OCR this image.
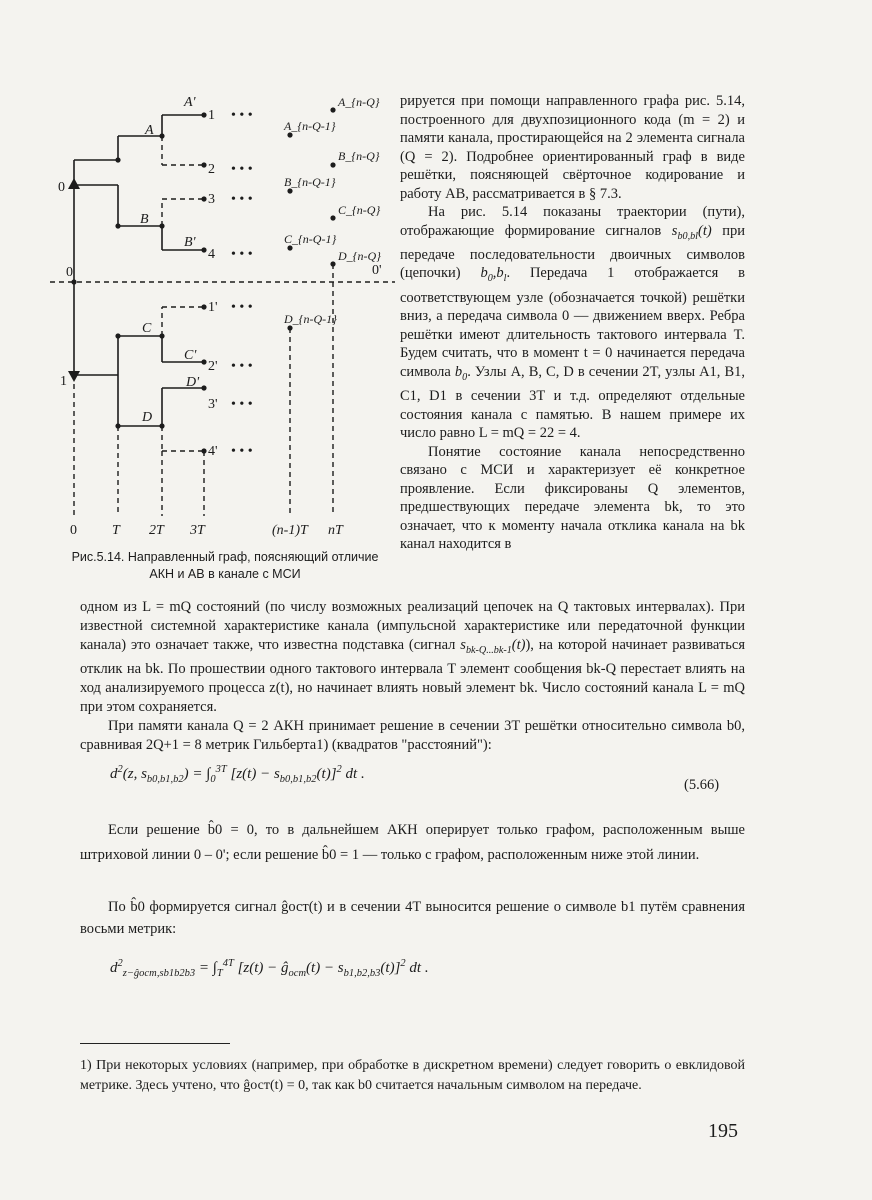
A'
A
B
B'
C
C'
D'
D
0
1
0	0'
1
2
3
4
1'
2'
3'
4'
• • •
• • •
• • •
• • •
• • •
• • •
• • •
• • •
0	T 2T 3T	(n-1)T nT
A_{n-Q}
A_{n-Q-1}
B_{n-Q}
B_{n-Q-1}
C_{n-Q}
C_{n-Q-1}
D_{n-Q}
D_{n-Q-1}
Рис.5.14. Направленный граф, поясняющий отличие АКН и АВ в канале с МСИ

рируется при помощи направленного графа рис. 5.14, построенного для двухпозиционного кода (m = 2) и памяти канала, простирающейся на 2 элемента сигнала (Q = 2). Подробнее ориентированный граф в виде решётки, поясняющей свёрточное кодирование и работу АВ, рассматривается в § 7.3.

На рис. 5.14 показаны траектории (пути), отображающие формирование сигналов $s_{b0,bl}(t)$ при передаче последовательности двоичных символов (цепочки) $b_0,b_l$. Передача 1 отображается в соответствующем узле (обозначается точкой) решётки вниз, а передача символа 0 — движением вверх. Ребра решётки имеют длительность тактового интервала T. Будем считать, что в момент t = 0 начинается передача символа $b_0$. Узлы A, B, C, D в сечении 2T, узлы A1, B1, C1, D1 в сечении 3T и т.д. определяют отдельные состояния канала с памятью. В нашем примере их число равно L = mQ = 22 = 4.

Понятие состояние канала непосредственно связано с МСИ и характеризует её конкретное проявление. Если фиксированы Q элементов, предшествующих передаче элемента bk, то это означает, что к моменту начала отклика канала на bk канал находится в

одном из L = mQ состояний (по числу возможных реализаций цепочек на Q тактовых интервалах). При известной системной характеристике канала (импульсной характеристике или передаточной функции канала) это означает также, что известна подставка (сигнал $s_{bk-Q...bk-1}(t)$), на которой начинает развиваться отклик на bk. По прошествии одного тактового интервала T элемент сообщения bk-Q перестает влиять на ход анализируемого процесса z(t), но начинает влиять новый элемент bk. Число состояний канала L = mQ при этом сохраняется.

При памяти канала Q = 2 АКН принимает решение в сечении 3T решётки относительно символа b0, сравнивая 2Q+1 = 8 метрик Гильберта1) (квадратов "расстояний"):

$d^2(z$, $s_{b0,b1,b2}) = \int_0^{3T}$ $[z(t) - s_{b0,b1,b2}(t)]^2$ dt .
(5.66)

Если решение b̂0 = 0, то в дальнейшем АКН оперирует только графом, расположенным выше штриховой линии 0 – 0'; если решение b̂0 = 1 — только с графом, расположенным ниже этой линии.

По b̂0 формируется сигнал ĝост(t) и в сечении 4T выносится решение о символе b1 путём сравнения восьми метрик:

$d^2_{z-ĝост,sb1b2b3} = \int_T^{4T}$ $[z(t) - ĝ_{ост}(t) - s_{b1,b2,b3}(t)]^2$ dt .
1) При некоторых условиях (например, при обработке в дискретном времени) следует говорить о евклидовой метрике. Здесь учтено, что ĝост(t) = 0, так как b0 считается начальным символом на передаче.
195
